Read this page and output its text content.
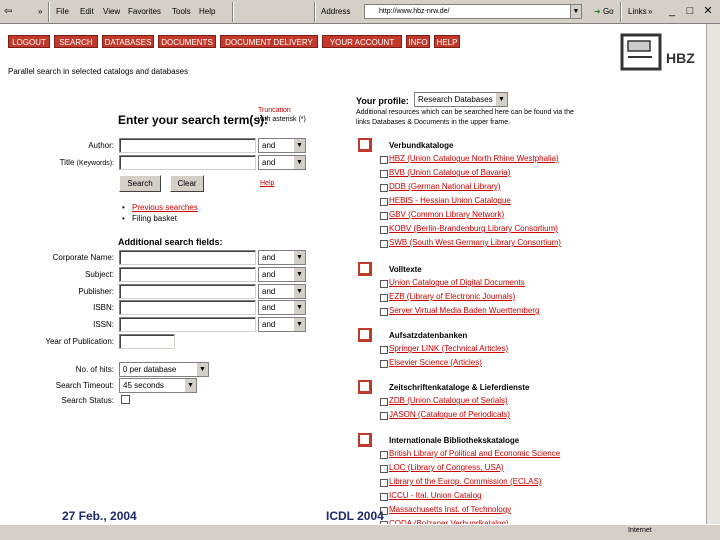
⇦	» File Edit View Favorites Tools Help	Address	http://www.hbz-nrw.de/	▼ ➜ Go Links »	_	□ ✕
LOGOUT	SEARCH	DATABASES	DOCUMENTS	DOCUMENT DELIVERY	YOUR ACCOUNT	INFO	HELP
HBZ
Parallel search in selected catalogs and databases
Enter your search term(s):
Truncation
with asterisk (*)
Author:	and	▼
Title (Keywords):	and	▼
Search	Clear	Help
• Previous searches
• Filing basket
Additional search fields:
Corporate Name:	and	▼
Subject:	and	▼
Publisher:	and	▼
ISBN:	and	▼
ISSN:	and	▼
Year of Publication:
No. of hits:	0 per database	▼
Search Timeout:	45 seconds	▼
Search Status:
Your profile:	Research Databases ▼
Additional resources which can be searched here can be found via the links Databases & Documents in the upper frame.
Verbundkataloge
HBZ (Union Catalogue North Rhine Westphalia)
BVB (Union Catalogue of Bavaria)
DDB (German National Library)
HEBIS - Hessian Union Catalogue
GBV (Common Library Network)
KOBV (Berlin-Brandenburg Library Consortium)
SWB (South West Germany Library Consortium)
Volltexte
Union Catalogue of Digital Documents
EZB (Library of Electronic Journals)
Server Virtual Media Baden Wuerttemberg
Aufsatzdatenbanken
Springer LINK (Technical Articles)
Elsevier Science (Articles)
Zeitschriftenkataloge & Lieferdienste
ZDB (Union Catalogue of Serials)
JASON (Catalogue of Periodicals)
Internationale Bibliothekskataloge
British Library of Political and Economic Science
LOC (Library of Congress, USA)
Library of the Europ. Commission (ECLAS)
ICCU - Ital. Union Catalog
Massachusetts Inst. of Technology
27 Feb., 2004	ICDL 2004
Internet
